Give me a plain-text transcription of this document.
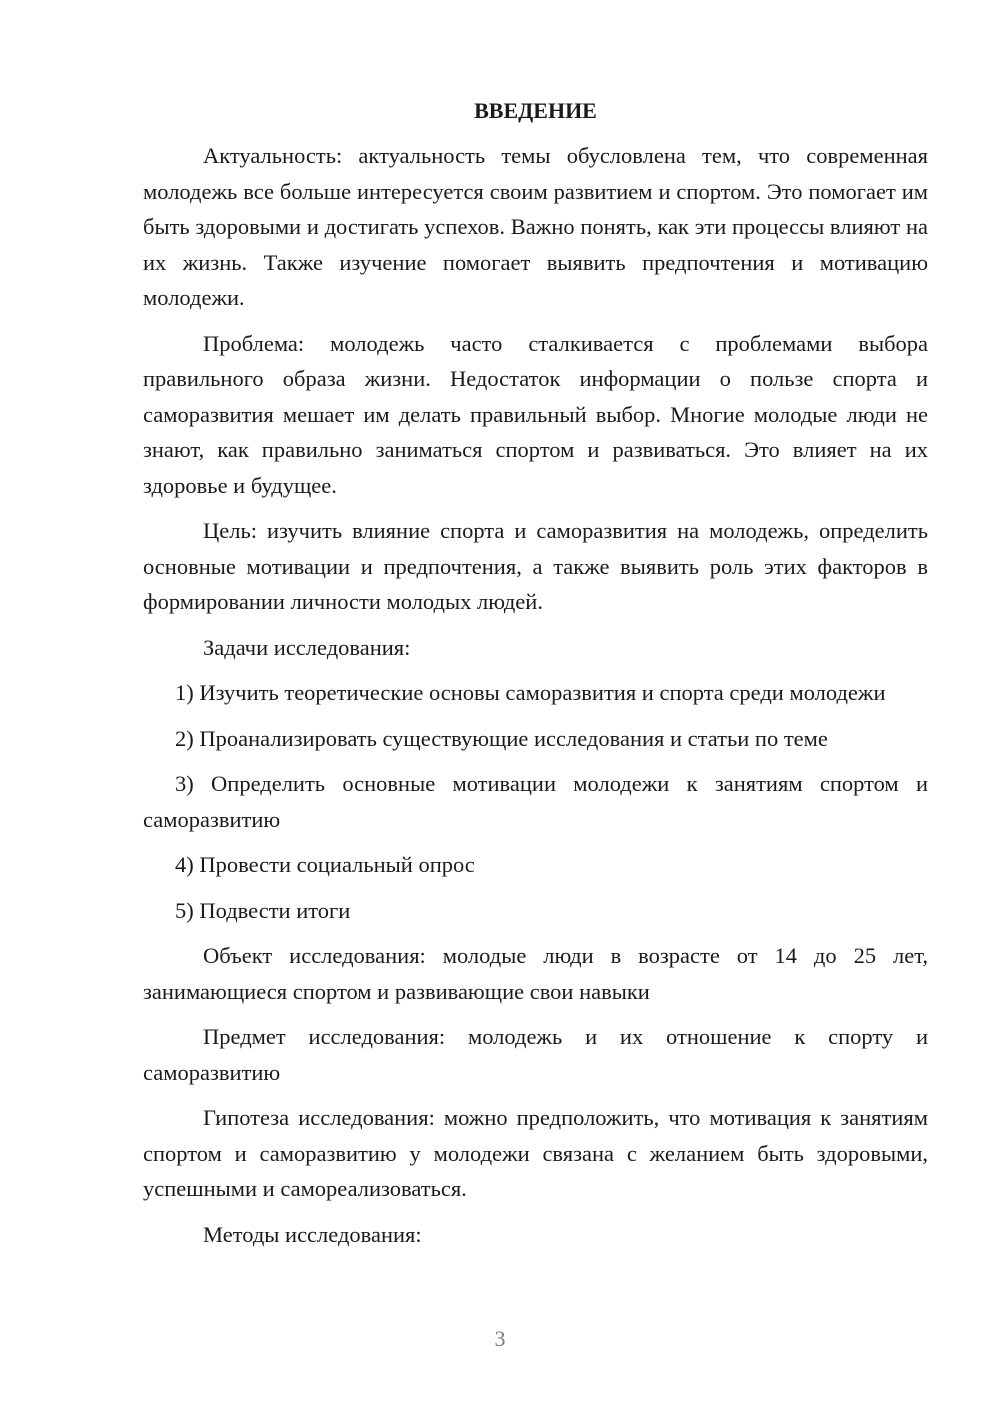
ВВЕДЕНИЕ

Актуальность: актуальность темы обусловлена тем, что современная молодежь все больше интересуется своим развитием и спортом. Это помогает им быть здоровыми и достигать успехов. Важно понять, как эти процессы влияют на их жизнь. Также изучение помогает выявить предпочтения и мотивацию молодежи.

Проблема: молодежь часто сталкивается с проблемами выбора правильного образа жизни. Недостаток информации о пользе спорта и саморазвития мешает им делать правильный выбор. Многие молодые люди не знают, как правильно заниматься спортом и развиваться. Это влияет на их здоровье и будущее.

Цель: изучить влияние спорта и саморазвития на молодежь, определить основные мотивации и предпочтения, а также выявить роль этих факторов в формировании личности молодых людей.

Задачи исследования:

1) Изучить теоретические основы саморазвития и спорта среди молодежи

2) Проанализировать существующие исследования и статьи по теме

3) Определить основные мотивации молодежи к занятиям спортом и саморазвитию

4) Провести социальный опрос

5) Подвести итоги

Объект исследования: молодые люди в возрасте от 14 до 25 лет, занимающиеся спортом и развивающие свои навыки

Предмет исследования: молодежь и их отношение к спорту и саморазвитию

Гипотеза исследования: можно предположить, что мотивация к занятиям спортом и саморазвитию у молодежи связана с желанием быть здоровыми, успешными и самореализоваться.

Методы исследования:

3
